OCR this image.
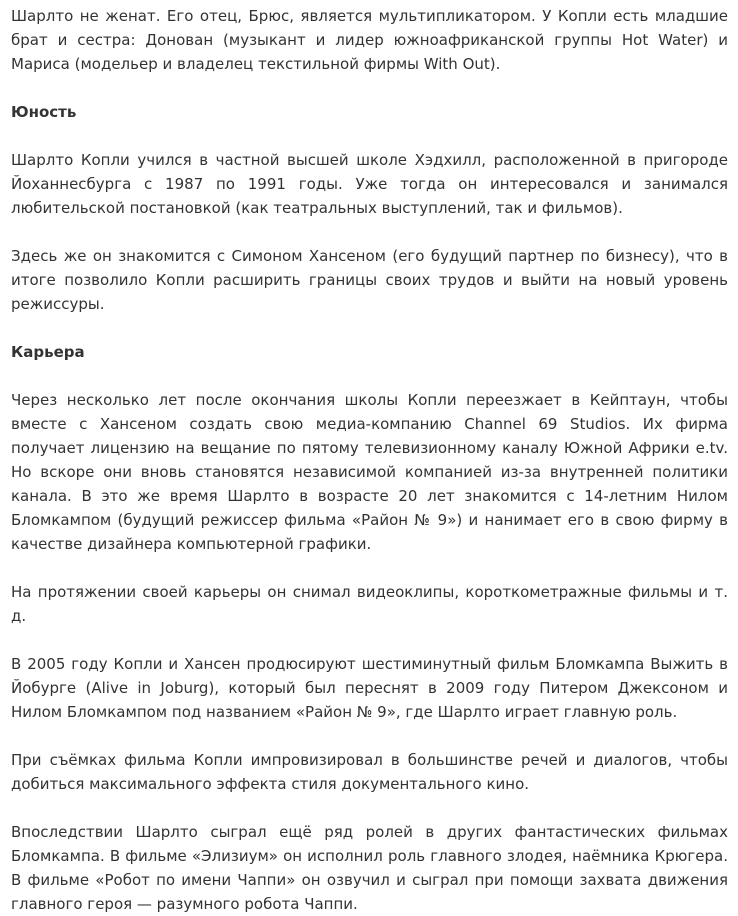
Шарлто не женат. Его отец, Брюс, является мультипликатором. У Копли есть младшие брат и сестра: Донован (музыкант и лидер южноафриканской группы Hot Water) и Мариса (модельер и владелец текстильной фирмы With Out).

Юность

Шарлто Копли учился в частной высшей школе Хэдхилл, расположенной в пригороде Йоханнесбурга с 1987 по 1991 годы. Уже тогда он интересовался и занимался любительской постановкой (как театральных выступлений, так и фильмов).

Здесь же он знакомится с Симоном Хансеном (его будущий партнер по бизнесу), что в итоге позволило Копли расширить границы своих трудов и выйти на новый уровень режиссуры.

Карьера

Через несколько лет после окончания школы Копли переезжает в Кейптаун, чтобы вместе с Хансеном создать свою медиа-компанию Channel 69 Studios. Их фирма получает лицензию на вещание по пятому телевизионному каналу Южной Африки e.tv. Но вскоре они вновь становятся независимой компанией из-за внутренней политики канала. В это же время Шарлто в возрасте 20 лет знакомится с 14-летним Нилом Бломкампом (будущий режиссер фильма «Район № 9») и нанимает его в свою фирму в качестве дизайнера компьютерной графики.

На протяжении своей карьеры он снимал видеоклипы, короткометражные фильмы и т. д.

В 2005 году Копли и Хансен продюсируют шестиминутный фильм Бломкампа Выжить в Йобурге (Alive in Joburg), который был переснят в 2009 году Питером Джексоном и Нилом Бломкампом под названием «Район № 9», где Шарлто играет главную роль.

При съёмках фильма Копли импровизировал в большинстве речей и диалогов, чтобы добиться максимального эффекта стиля документального кино.

Впоследствии Шарлто сыграл ещё ряд ролей в других фантастических фильмах Бломкампа. В фильме «Элизиум» он исполнил роль главного злодея, наёмника Крюгера. В фильме «Робот по имени Чаппи» он озвучил и сыграл при помощи захвата движения главного героя — разумного робота Чаппи.
